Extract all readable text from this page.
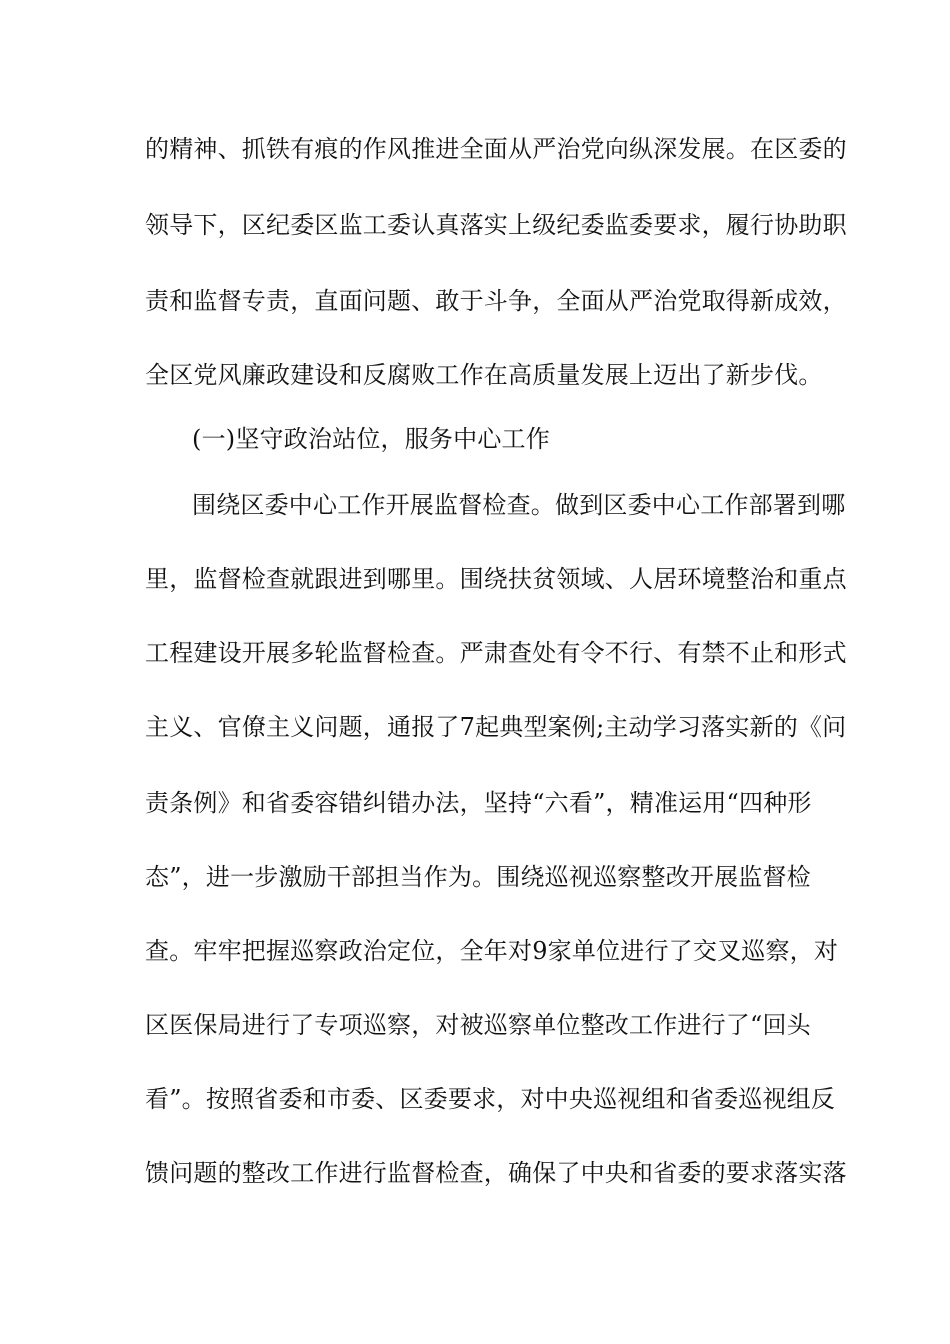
的精神、抓铁有痕的作风推进全面从严治党向纵深发展。在区委的
领导下，区纪委区监工委认真落实上级纪委监委要求，履行协助职
责和监督专责，直面问题、敢于斗争，全面从严治党取得新成效，
全区党风廉政建设和反腐败工作在高质量发展上迈出了新步伐。
(一)坚守政治站位，服务中心工作
围绕区委中心工作开展监督检查。做到区委中心工作部署到哪
里，监督检查就跟进到哪里。围绕扶贫领域、人居环境整治和重点
工程建设开展多轮监督检查。严肃查处有令不行、有禁不止和形式
主义、官僚主义问题，通报了7起典型案例;主动学习落实新的《问
责条例》和省委容错纠错办法，坚持“六看”，精准运用“四种形
态”，进一步激励干部担当作为。围绕巡视巡察整改开展监督检
查。牢牢把握巡察政治定位，全年对9家单位进行了交叉巡察，对
区医保局进行了专项巡察，对被巡察单位整改工作进行了“回头
看”。按照省委和市委、区委要求，对中央巡视组和省委巡视组反
馈问题的整改工作进行监督检查，确保了中央和省委的要求落实落
